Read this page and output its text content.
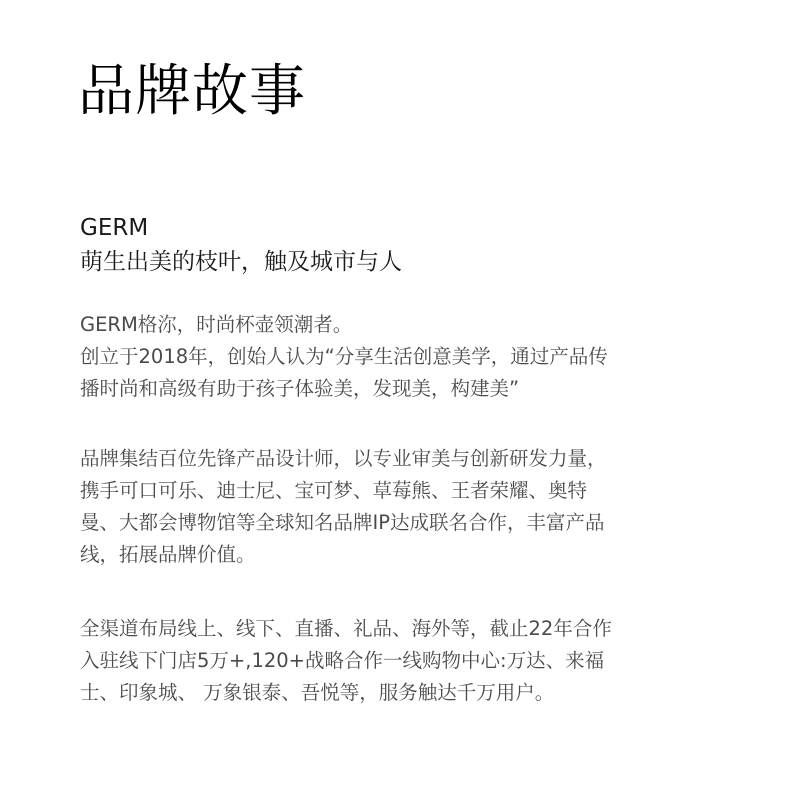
品牌故事
GERM
萌生出美的枝叶，触及城市与人
GERM格沵，时尚杯壶领潮者。
创立于2018年，创始人认为“分享生活创意美学，通过产品传
播时尚和高级有助于孩子体验美，发现美，构建美”
品牌集结百位先锋产品设计师，以专业审美与创新研发力量，
携手可口可乐、迪士尼、宝可梦、草莓熊、王者荣耀、奥特
曼、大都会博物馆等全球知名品牌IP达成联名合作，丰富产品
线，拓展品牌价值。
全渠道布局线上、线下、直播、礼品、海外等，截止22年合作
入驻线下门店5万+,120+战略合作一线购物中心:万达、来福
士、印象城、 万象银泰、吾悦等，服务触达千万用户。
